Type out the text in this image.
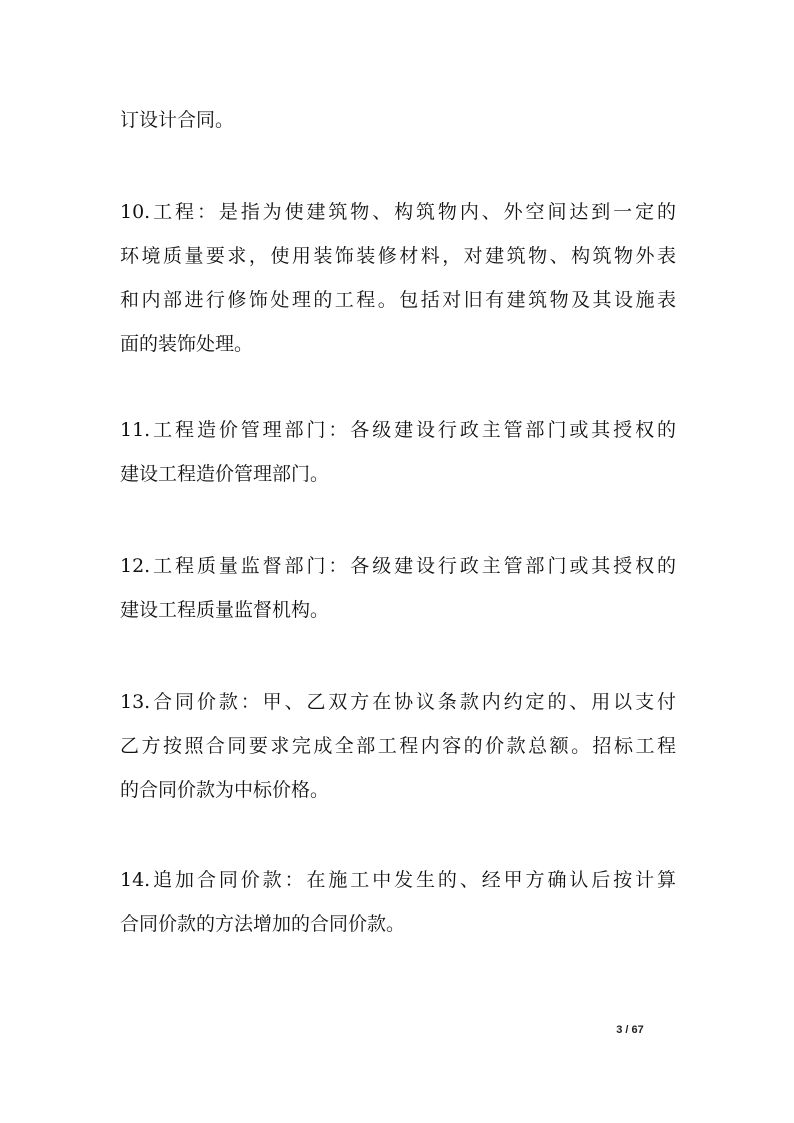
订设计合同。
10.工程：是指为使建筑物、构筑物内、外空间达到一定的
环境质量要求，使用装饰装修材料，对建筑物、构筑物外表
和内部进行修饰处理的工程。包括对旧有建筑物及其设施表
面的装饰处理。
11.工程造价管理部门：各级建设行政主管部门或其授权的
建设工程造价管理部门。
12.工程质量监督部门：各级建设行政主管部门或其授权的
建设工程质量监督机构。
13.合同价款：甲、乙双方在协议条款内约定的、用以支付
乙方按照合同要求完成全部工程内容的价款总额。招标工程
的合同价款为中标价格。
14.追加合同价款：在施工中发生的、经甲方确认后按计算
合同价款的方法增加的合同价款。
3 / 67
